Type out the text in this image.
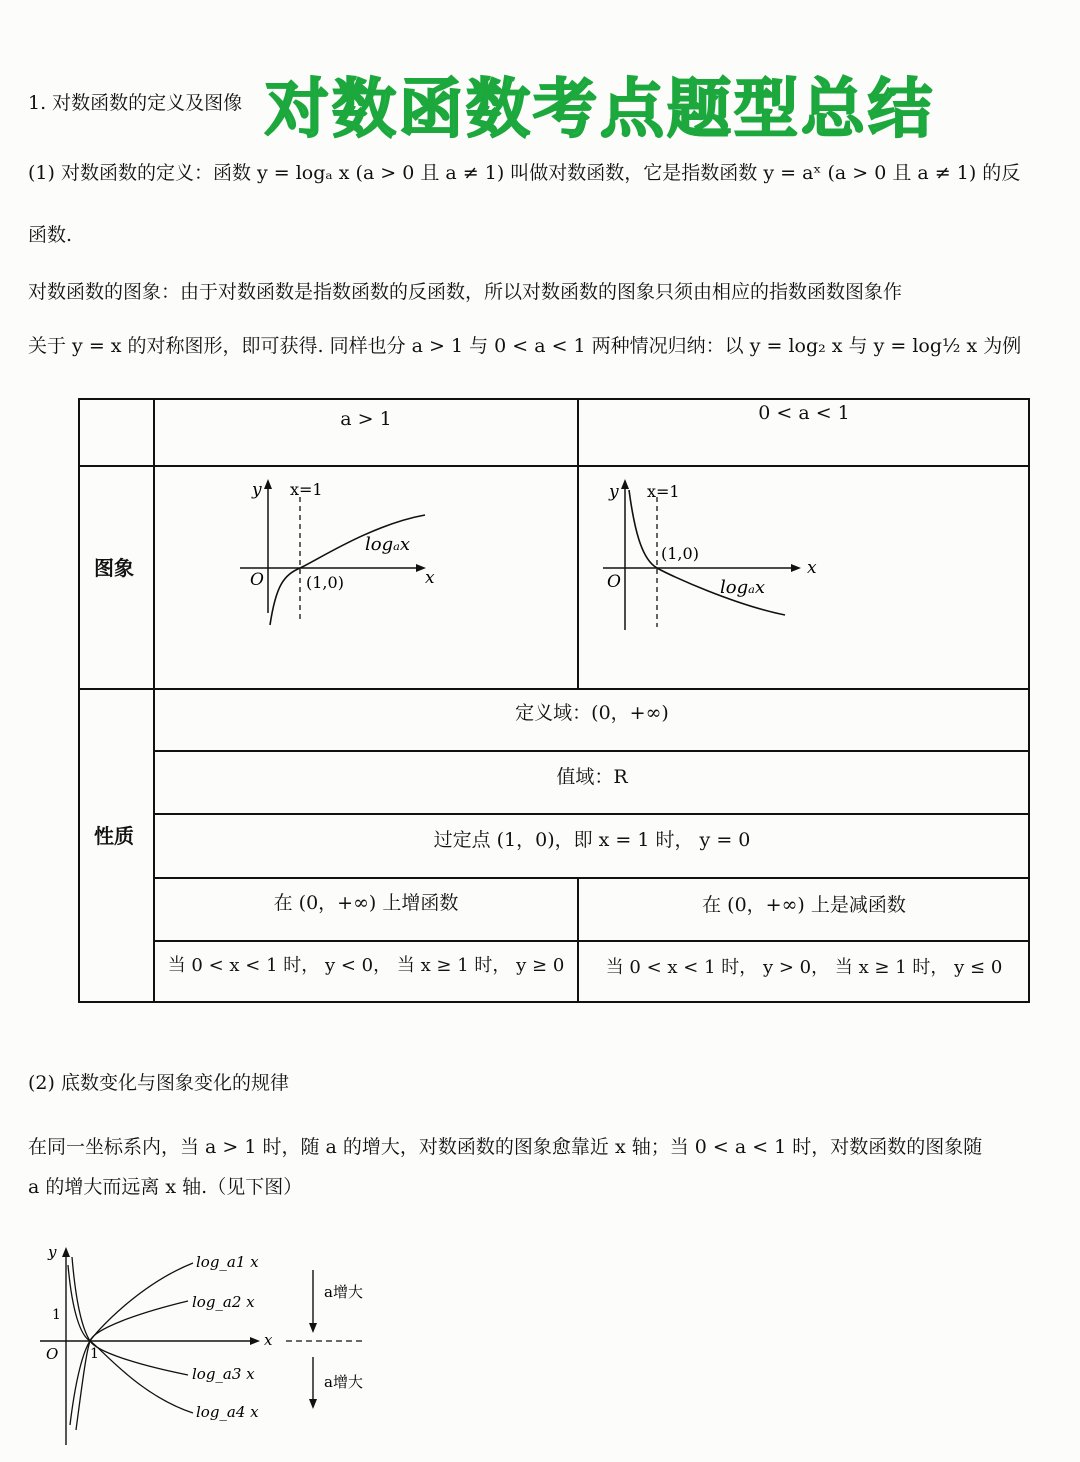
1. 对数函数的定义及图像 对数函数考点题型总结
(1) 对数函数的定义：函数 y = logₐ x (a > 0 且 a ≠ 1) 叫做对数函数，它是指数函数 y = aˣ (a > 0 且 a ≠ 1) 的反
函数.
对数函数的图象：由于对数函数是指数函数的反函数，所以对数函数的图象只须由相应的指数函数图象作
关于 y = x 的对称图形，即可获得. 同样也分 a > 1 与 0 < a < 1 两种情况归纳：以 y = log₂ x 与 y = log½ x 为例
a > 1	0 < a < 1
图象
性质
y x=1
O	(1,0)
logₐx
x
y x=1
O
(1,0)
logₐx
x
定义域：(0，+∞)
值域：R
过定点 (1，0)，即 x = 1 时， y = 0
在 (0，+∞) 上增函数	在 (0，+∞) 上是减函数
当 0 < x < 1 时， y < 0， 当 x ≥ 1 时， y ≥ 0	当 0 < x < 1 时， y > 0， 当 x ≥ 1 时， y ≤ 0
(2) 底数变化与图象变化的规律
在同一坐标系内，当 a > 1 时，随 a 的增大，对数函数的图象愈靠近 x 轴；当 0 < a < 1 时，对数函数的图象随
a 的增大而远离 x 轴.（见下图）
y
x
O
1
1
log_a1 x
log_a2 x
log_a3 x
log_a4 x
a增大
a增大
